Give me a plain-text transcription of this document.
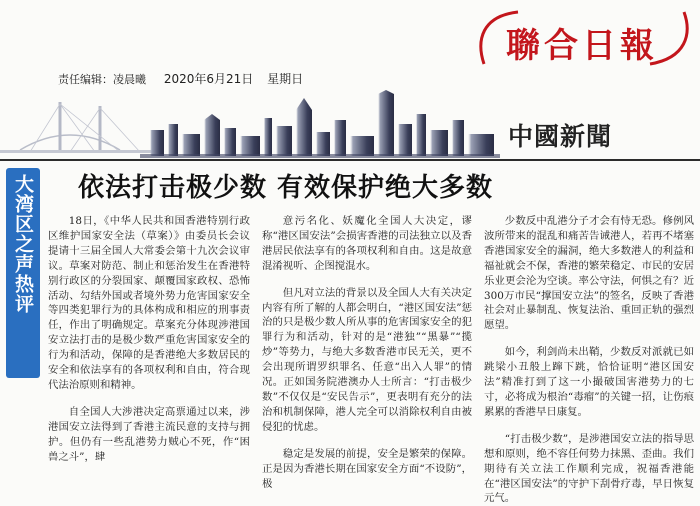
聯合日報
责任编辑：凌晨曦 2020年6月21日 星期日
中國新聞
大湾区之声热评 依法打击极少数 有效保护绝大多数

18日，《中华人民共和国香港特别行政区维护国家安全法（草案）》由委员长会议提请十三届全国人大常委会第十九次会议审议。草案对防范、制止和惩治发生在香港特别行政区的分裂国家、颠覆国家政权、恐怖活动、勾结外国或者境外势力危害国家安全等四类犯罪行为的具体构成和相应的刑事责任，作出了明确规定。草案充分体现涉港国安立法打击的是极少数严重危害国家安全的行为和活动，保障的是香港绝大多数居民的安全和依法享有的各项权利和自由，符合现代法治原则和精神。

自全国人大涉港决定高票通过以来，涉港国安立法得到了香港主流民意的支持与拥护。但仍有一些乱港势力贼心不死，作“困兽之斗”，肆

意污名化、妖魔化全国人大决定，谬称“港区国安法”会损害香港的司法独立以及香港居民依法享有的各项权利和自由。这是故意混淆视听、企图搅混水。

但凡对立法的背景以及全国人大有关决定内容有所了解的人都会明白，“港区国安法”惩治的只是极少数人所从事的危害国家安全的犯罪行为和活动，针对的是“港独”“黑暴”“揽炒”等势力，与绝大多数香港市民无关，更不会出现所谓罗织罪名、任意“出入人罪”的情况。正如国务院港澳办人士所言：“打击极少数”不仅仅是“安民告示”，更表明有充分的法治和机制保障，港人完全可以消除权利自由被侵犯的忧虑。

稳定是发展的前提，安全是繁荣的保障。正是因为香港长期在国家安全方面“不设防”，极

少数反中乱港分子才会有恃无恐。修例风波所带来的混乱和痛苦告诫港人，若再不堵塞香港国家安全的漏洞，绝大多数港人的利益和福祉就会不保，香港的繁荣稳定、市民的安居乐业更会沦为空谈。率公守法，何惧之有？近300万市民“撑国安立法”的签名，反映了香港社会对止暴制乱、恢复法治、重回正轨的强烈愿望。

如今，利剑尚未出鞘，少数反对派就已如跳梁小丑般上蹿下跳，恰恰证明“港区国安法”精准打到了这一小撮破国害港势力的七寸，必将成为根治“毒瘤”的关键一招，让伤痕累累的香港早日康复。

“打击极少数”，是涉港国安立法的指导思想和原则，绝不容任何势力抹黑、歪曲。我们期待有关立法工作顺利完成，祝福香港能在“港区国安法”的守护下刮骨疗毒，早日恢复元气。
